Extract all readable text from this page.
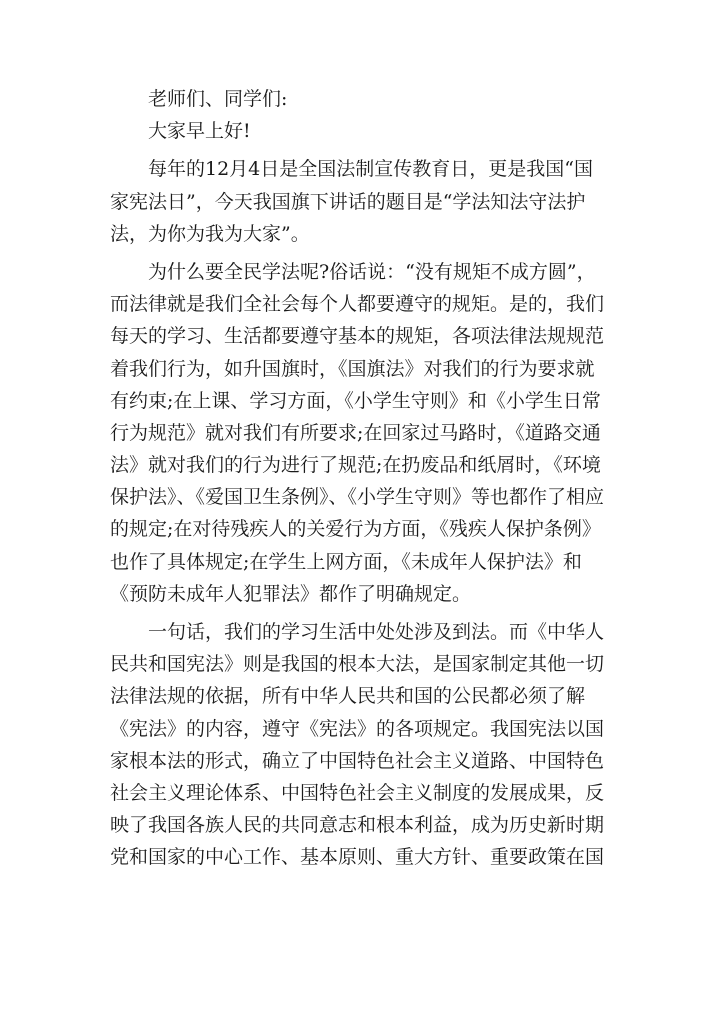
老师们、同学们:
大家早上好!
每年的12月4日是全国法制宣传教育日，更是我国“国
家宪法日”，今天我国旗下讲话的题目是“学法知法守法护
法，为你为我为大家”。
为什么要全民学法呢?俗话说：“没有规矩不成方圆”，
而法律就是我们全社会每个人都要遵守的规矩。是的，我们
每天的学习、生活都要遵守基本的规矩，各项法律法规规范
着我们行为，如升国旗时，《国旗法》对我们的行为要求就
有约束;在上课、学习方面，《小学生守则》和《小学生日常
行为规范》就对我们有所要求;在回家过马路时，《道路交通
法》就对我们的行为进行了规范;在扔废品和纸屑时，《环境
保护法》、《爱国卫生条例》、《小学生守则》等也都作了相应
的规定;在对待残疾人的关爱行为方面，《残疾人保护条例》
也作了具体规定;在学生上网方面，《未成年人保护法》和
《预防未成年人犯罪法》都作了明确规定。
一句话，我们的学习生活中处处涉及到法。而《中华人
民共和国宪法》则是我国的根本大法，是国家制定其他一切
法律法规的依据，所有中华人民共和国的公民都必须了解
《宪法》的内容，遵守《宪法》的各项规定。我国宪法以国
家根本法的形式，确立了中国特色社会主义道路、中国特色
社会主义理论体系、中国特色社会主义制度的发展成果，反
映了我国各族人民的共同意志和根本利益，成为历史新时期
党和国家的中心工作、基本原则、重大方针、重要政策在国
